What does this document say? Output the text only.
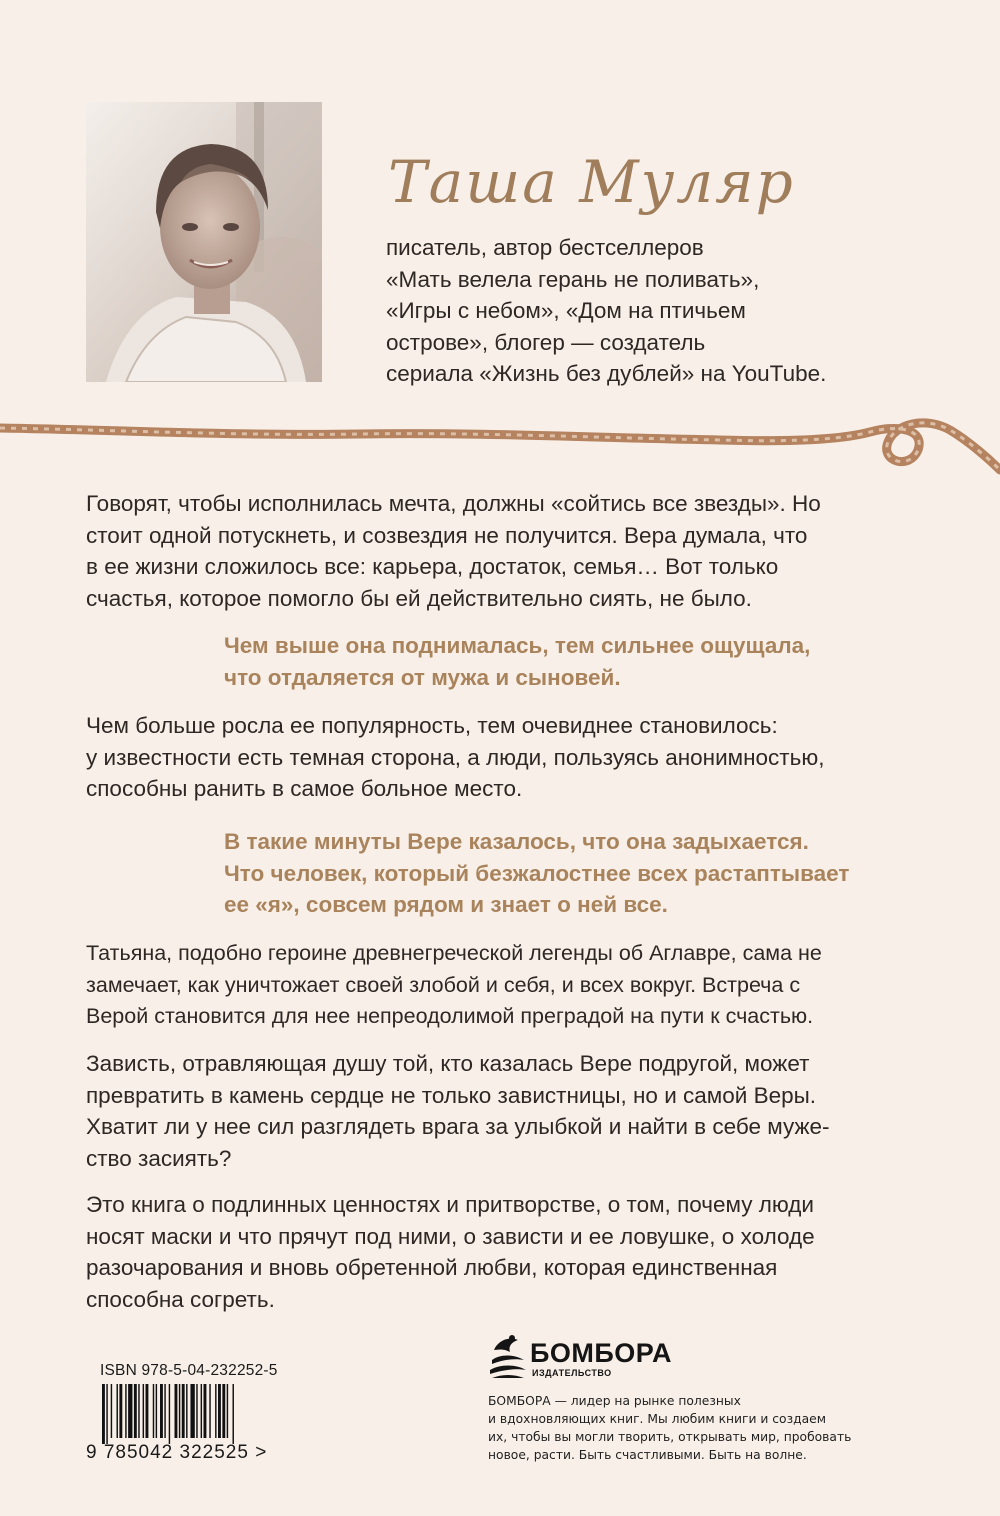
Таша Муляр
писатель, автор бестселлеров
«Мать велела герань не поливать»,
«Игры с небом», «Дом на птичьем
острове», блогер — создатель
сериала «Жизнь без дублей» на YouTube.
Говорят, чтобы исполнилась мечта, должны «сойтись все звезды». Но
стоит одной потускнеть, и созвездия не получится. Вера думала, что
в ее жизни сложилось все: карьера, достаток, семья… Вот только
счастья, которое помогло бы ей действительно сиять, не было.
Чем выше она поднималась, тем сильнее ощущала,
что отдаляется от мужа и сыновей.
Чем больше росла ее популярность, тем очевиднее становилось:
у известности есть темная сторона, а люди, пользуясь анонимностью,
способны ранить в самое больное место.
В такие минуты Вере казалось, что она задыхается.
Что человек, который безжалостнее всех растаптывает
ее «я», совсем рядом и знает о ней все.
Татьяна, подобно героине древнегреческой легенды об Аглавре, сама не
замечает, как уничтожает своей злобой и себя, и всех вокруг. Встреча с
Верой становится для нее непреодолимой преградой на пути к счастью.
Зависть, отравляющая душу той, кто казалась Вере подругой, может
превратить в камень сердце не только завистницы, но и самой Веры.
Хватит ли у нее сил разглядеть врага за улыбкой и найти в себе муже-
ство засиять?
Это книга о подлинных ценностях и притворстве, о том, почему люди
носят маски и что прячут под ними, о зависти и ее ловушке, о холоде
разочарования и вновь обретенной любви, которая единственная
способна согреть.
ISBN 978-5-04-232252-5
9 785042 322525 >
БОМБОРА
ИЗДАТЕЛЬСТВО
БОМБОРА — лидер на рынке полезных
и вдохновляющих книг. Мы любим книги и создаем
их, чтобы вы могли творить, открывать мир, пробовать
новое, расти. Быть счастливыми. Быть на волне.
